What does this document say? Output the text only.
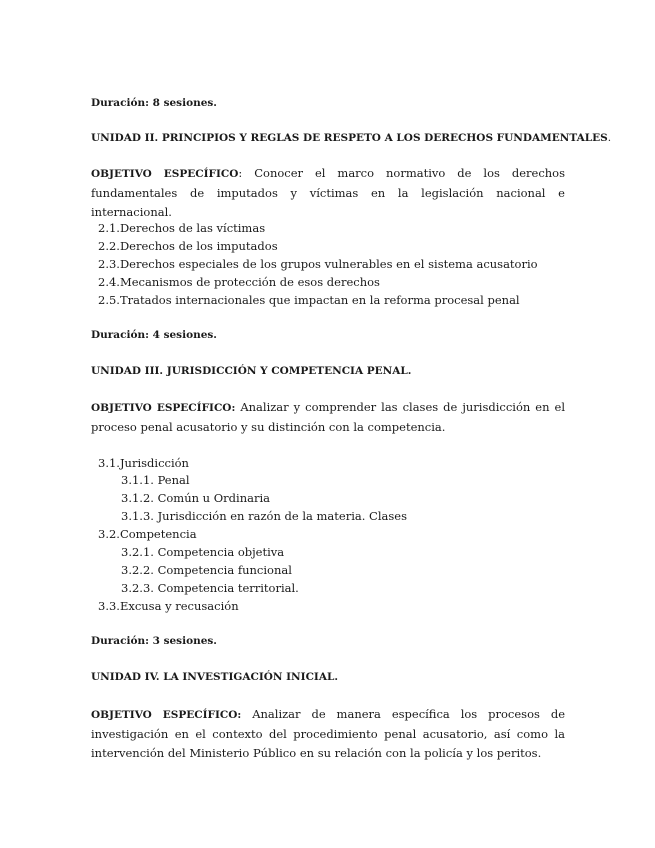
Duración: 8 sesiones.
UNIDAD II. PRINCIPIOS Y REGLAS DE RESPETO A LOS DERECHOS FUNDAMENTALES.
OBJETIVO ESPECÍFICO: Conocer el marco normativo de los derechos fundamentales de imputados y víctimas en la legislación nacional e internacional.
2.1.Derechos de las víctimas
2.2.Derechos de los imputados
2.3.Derechos especiales de los grupos vulnerables en el sistema acusatorio
2.4.Mecanismos de protección de esos derechos
2.5.Tratados internacionales que impactan en la reforma procesal penal
Duración: 4 sesiones.
UNIDAD III. JURISDICCIÓN Y COMPETENCIA PENAL.
OBJETIVO ESPECÍFICO: Analizar y comprender las clases de jurisdicción en el proceso penal acusatorio y su distinción con la competencia.
3.1.Jurisdicción
3.1.1. Penal
3.1.2. Común u Ordinaria
3.1.3. Jurisdicción en razón de la materia. Clases
3.2.Competencia
3.2.1. Competencia objetiva
3.2.2. Competencia funcional
3.2.3. Competencia territorial.
3.3.Excusa y recusación
Duración: 3 sesiones.
UNIDAD IV. LA INVESTIGACIÓN INICIAL.
OBJETIVO ESPECÍFICO: Analizar de manera específica los procesos de investigación en el contexto del procedimiento penal acusatorio, así como la intervención del Ministerio Público en su relación con la policía y los peritos.
